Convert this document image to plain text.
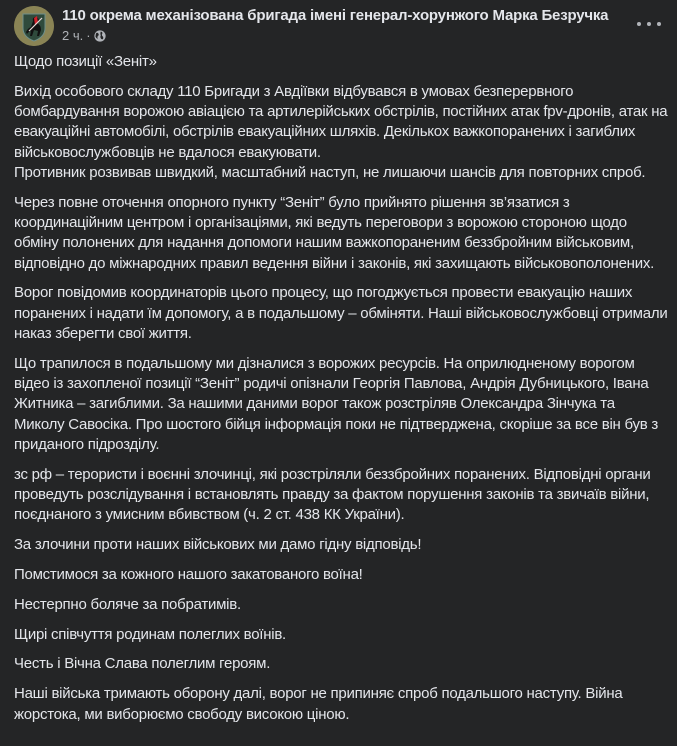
110 окрема механізована бригада імені генерал-хорунжого Марка Безручка
2 ч. ·

Щодо позиції «Зеніт»

Вихід особового складу 110 Бригади з Авдіївки відбувався в умовах безперервного бомбардування ворожою авіацією та артилерійських обстрілів, постійних атак fpv-дронів, атак на евакуаційні автомобілі, обстрілів евакуаційних шляхів. Декількох важкопоранених і загиблих військовослужбовців не вдалося евакуювати.
Противник розвивав швидкий, масштабний наступ, не лишаючи шансів для повторних спроб.

Через повне оточення опорного пункту “Зеніт” було прийнято рішення зв’язатися з координаційним центром і організаціями, які ведуть переговори з ворожою стороною щодо обміну полонених для надання допомоги нашим важкопораненим беззбройним військовим, відповідно до міжнародних правил ведення війни і законів, які захищають військовополонених.

Ворог повідомив координаторів цього процесу, що погоджується провести евакуацію наших поранених і надати їм допомогу, а в подальшому – обміняти. Наші військовослужбовці отримали наказ зберегти свої життя.

Що трапилося в подальшому ми дізналися з ворожих ресурсів. На оприлюдненому ворогом відео із захопленої позиції “Зеніт” родичі опізнали Георгія Павлова, Андрія Дубницького, Івана Житника – загиблими. За нашими даними ворог також розстріляв Олександра Зінчука та Миколу Савосіка. Про шостого бійця інформація поки не підтверджена, скоріше за все він був з приданого підрозділу.

зс рф – терористи і воєнні злочинці, які розстріляли беззбройних поранених. Відповідні органи проведуть розслідування і встановлять правду за фактом порушення законів та звичаїв війни, поєднаного з умисним вбивством (ч. 2 ст. 438 КК України).

За злочини проти наших військових ми дамо гідну відповідь!

Помстимося за кожного нашого закатованого воїна!

Нестерпно боляче за побратимів.

Щирі співчуття родинам полеглих воїнів.

Честь і Вічна Слава полеглим героям.

Наші війська тримають оборону далі, ворог не припиняє спроб подальшого наступу. Війна жорстока, ми виборюємо свободу високою ціною.
